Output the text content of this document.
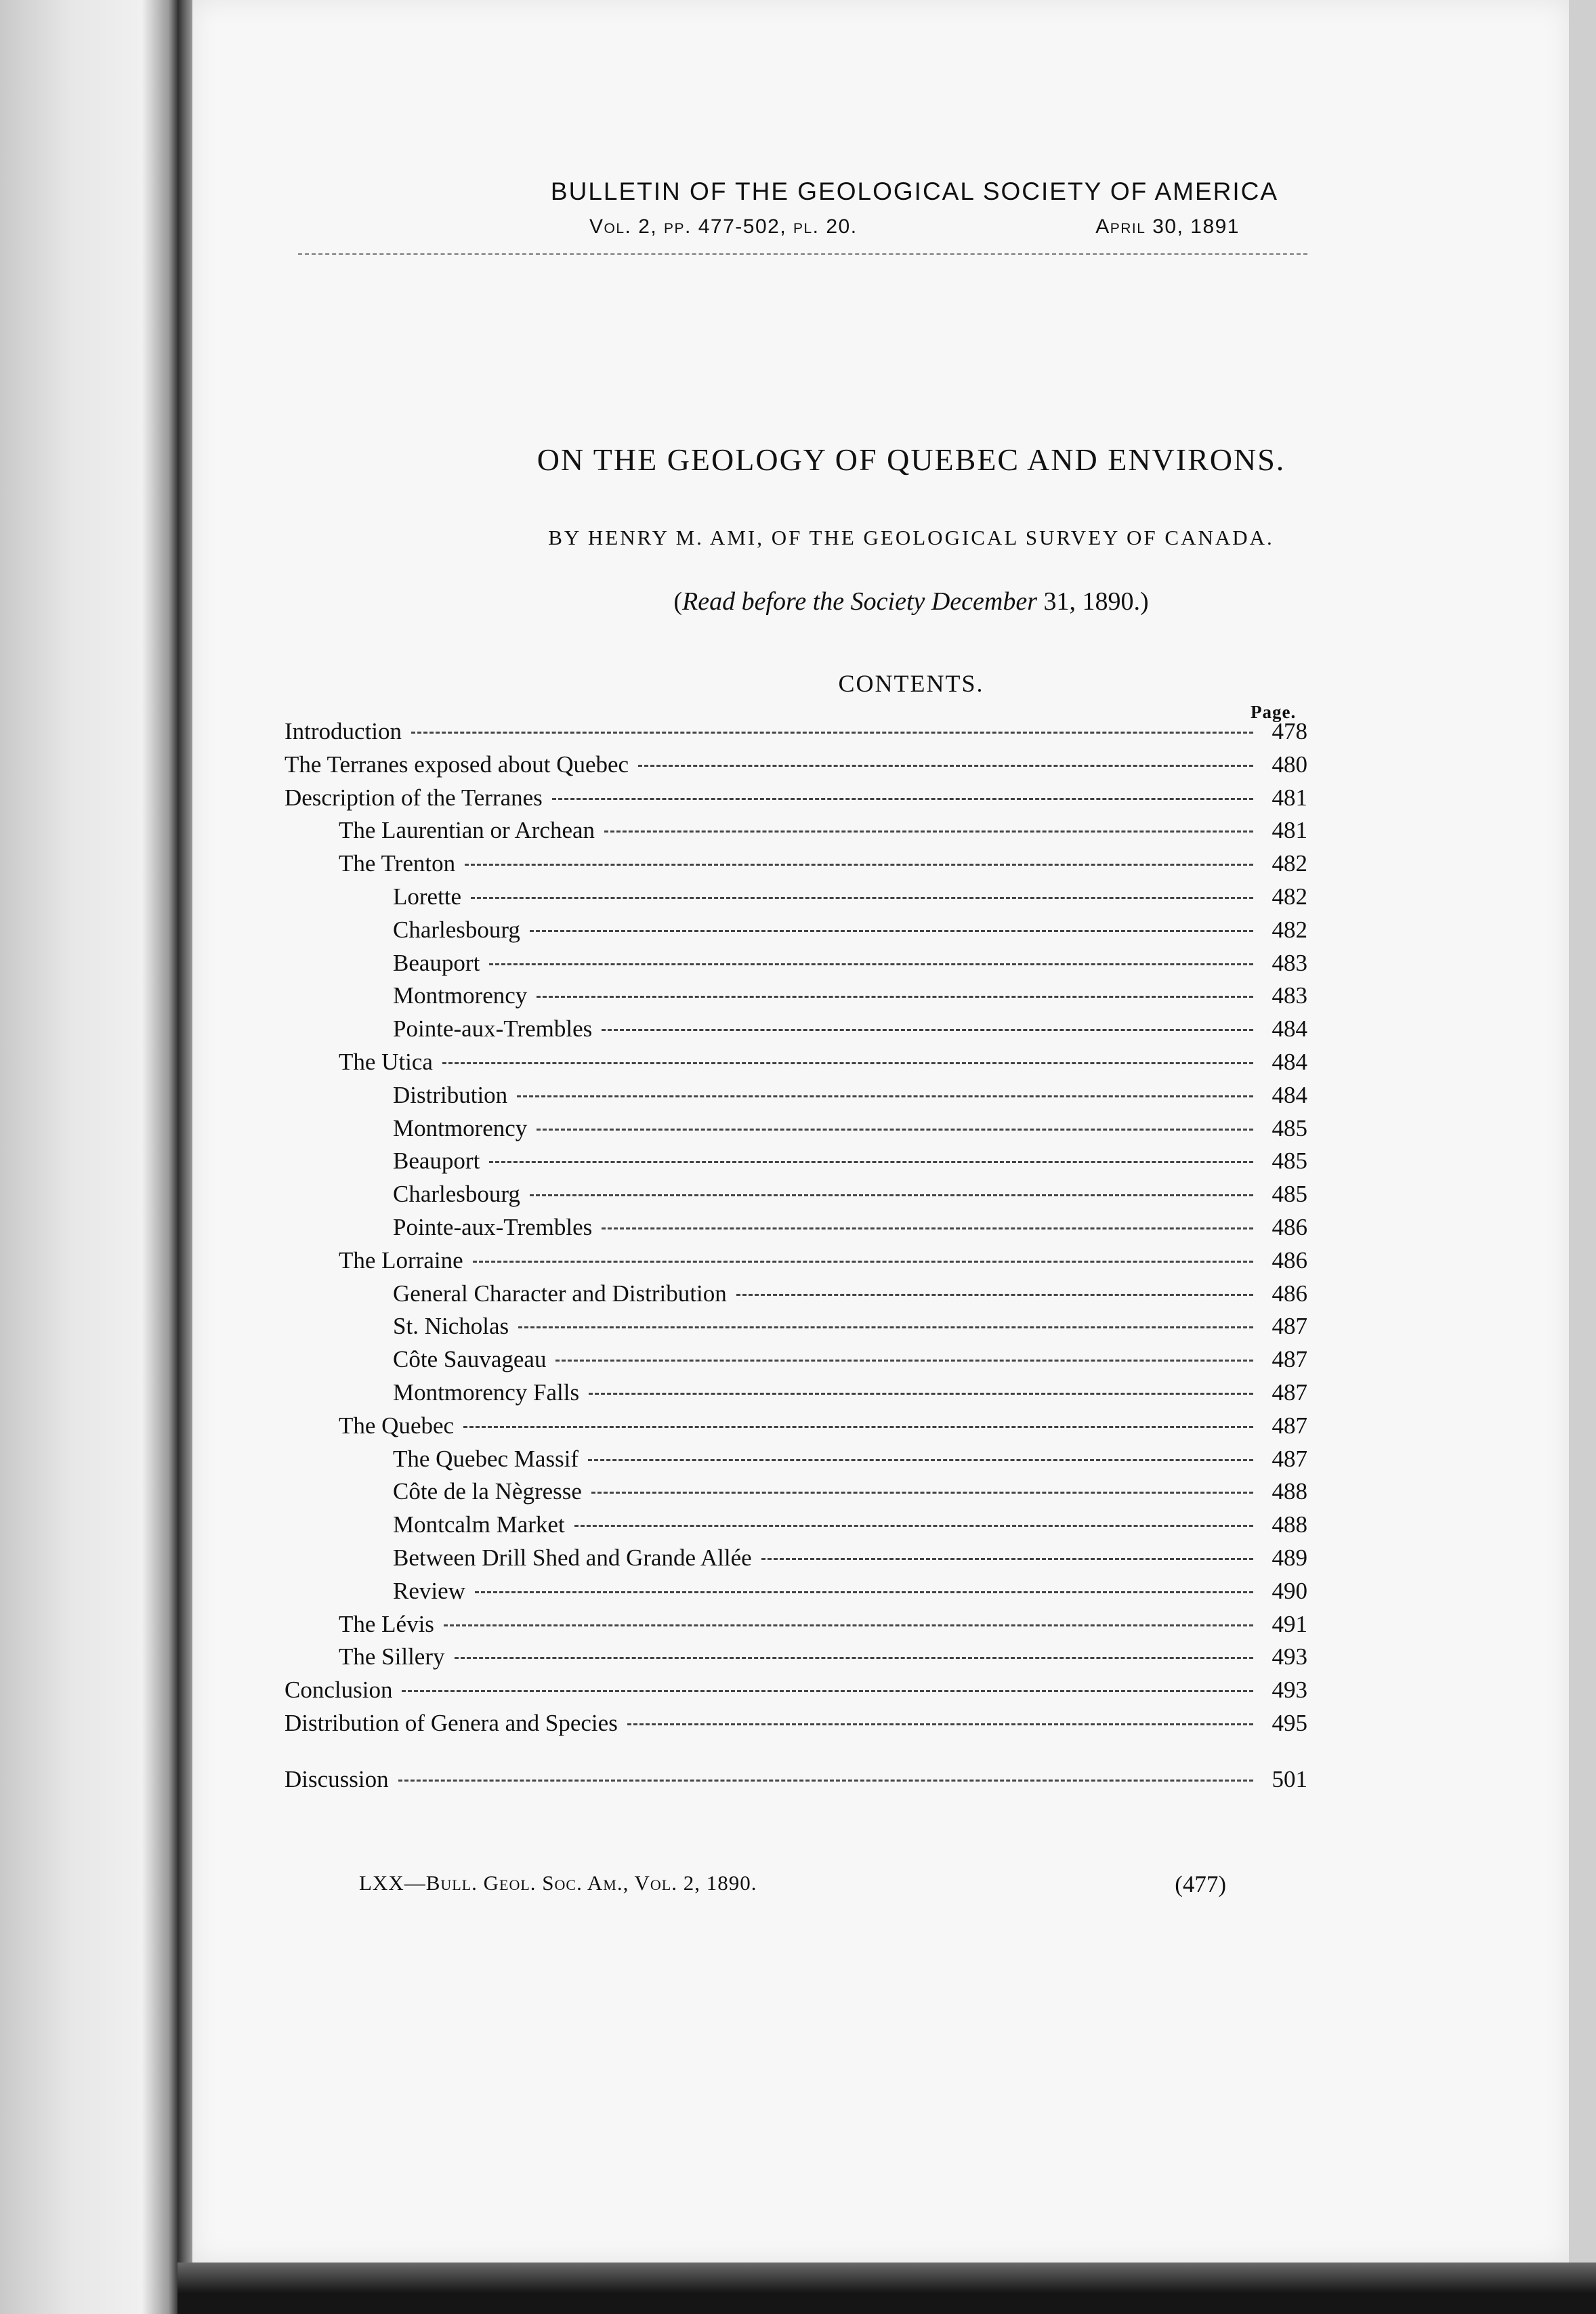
BULLETIN OF THE GEOLOGICAL SOCIETY OF AMERICA
Vol. 2, pp. 477-502, pl. 20.	April 30, 1891
ON THE GEOLOGY OF QUEBEC AND ENVIRONS.
BY HENRY M. AMI, OF THE GEOLOGICAL SURVEY OF CANADA.
(Read before the Society December 31, 1890.)
CONTENTS.
Page.
Introduction	478
The Terranes exposed about Quebec	480
Description of the Terranes	481
The Laurentian or Archean	481
The Trenton	482
Lorette	482
Charlesbourg	482
Beauport	483
Montmorency	483
Pointe-aux-Trembles	484
The Utica	484
Distribution	484
Montmorency	485
Beauport	485
Charlesbourg	485
Pointe-aux-Trembles	486
The Lorraine	486
General Character and Distribution	486
St. Nicholas	487
Côte Sauvageau	487
Montmorency Falls	487
The Quebec	487
The Quebec Massif	487
Côte de la Nègresse	488
Montcalm Market	488
Between Drill Shed and Grande Allée	489
Review	490
The Lévis	491
The Sillery	493
Conclusion	493
Distribution of Genera and Species	495
Discussion	501
LXX—Bull. Geol. Soc. Am., Vol. 2, 1890.	(477)
